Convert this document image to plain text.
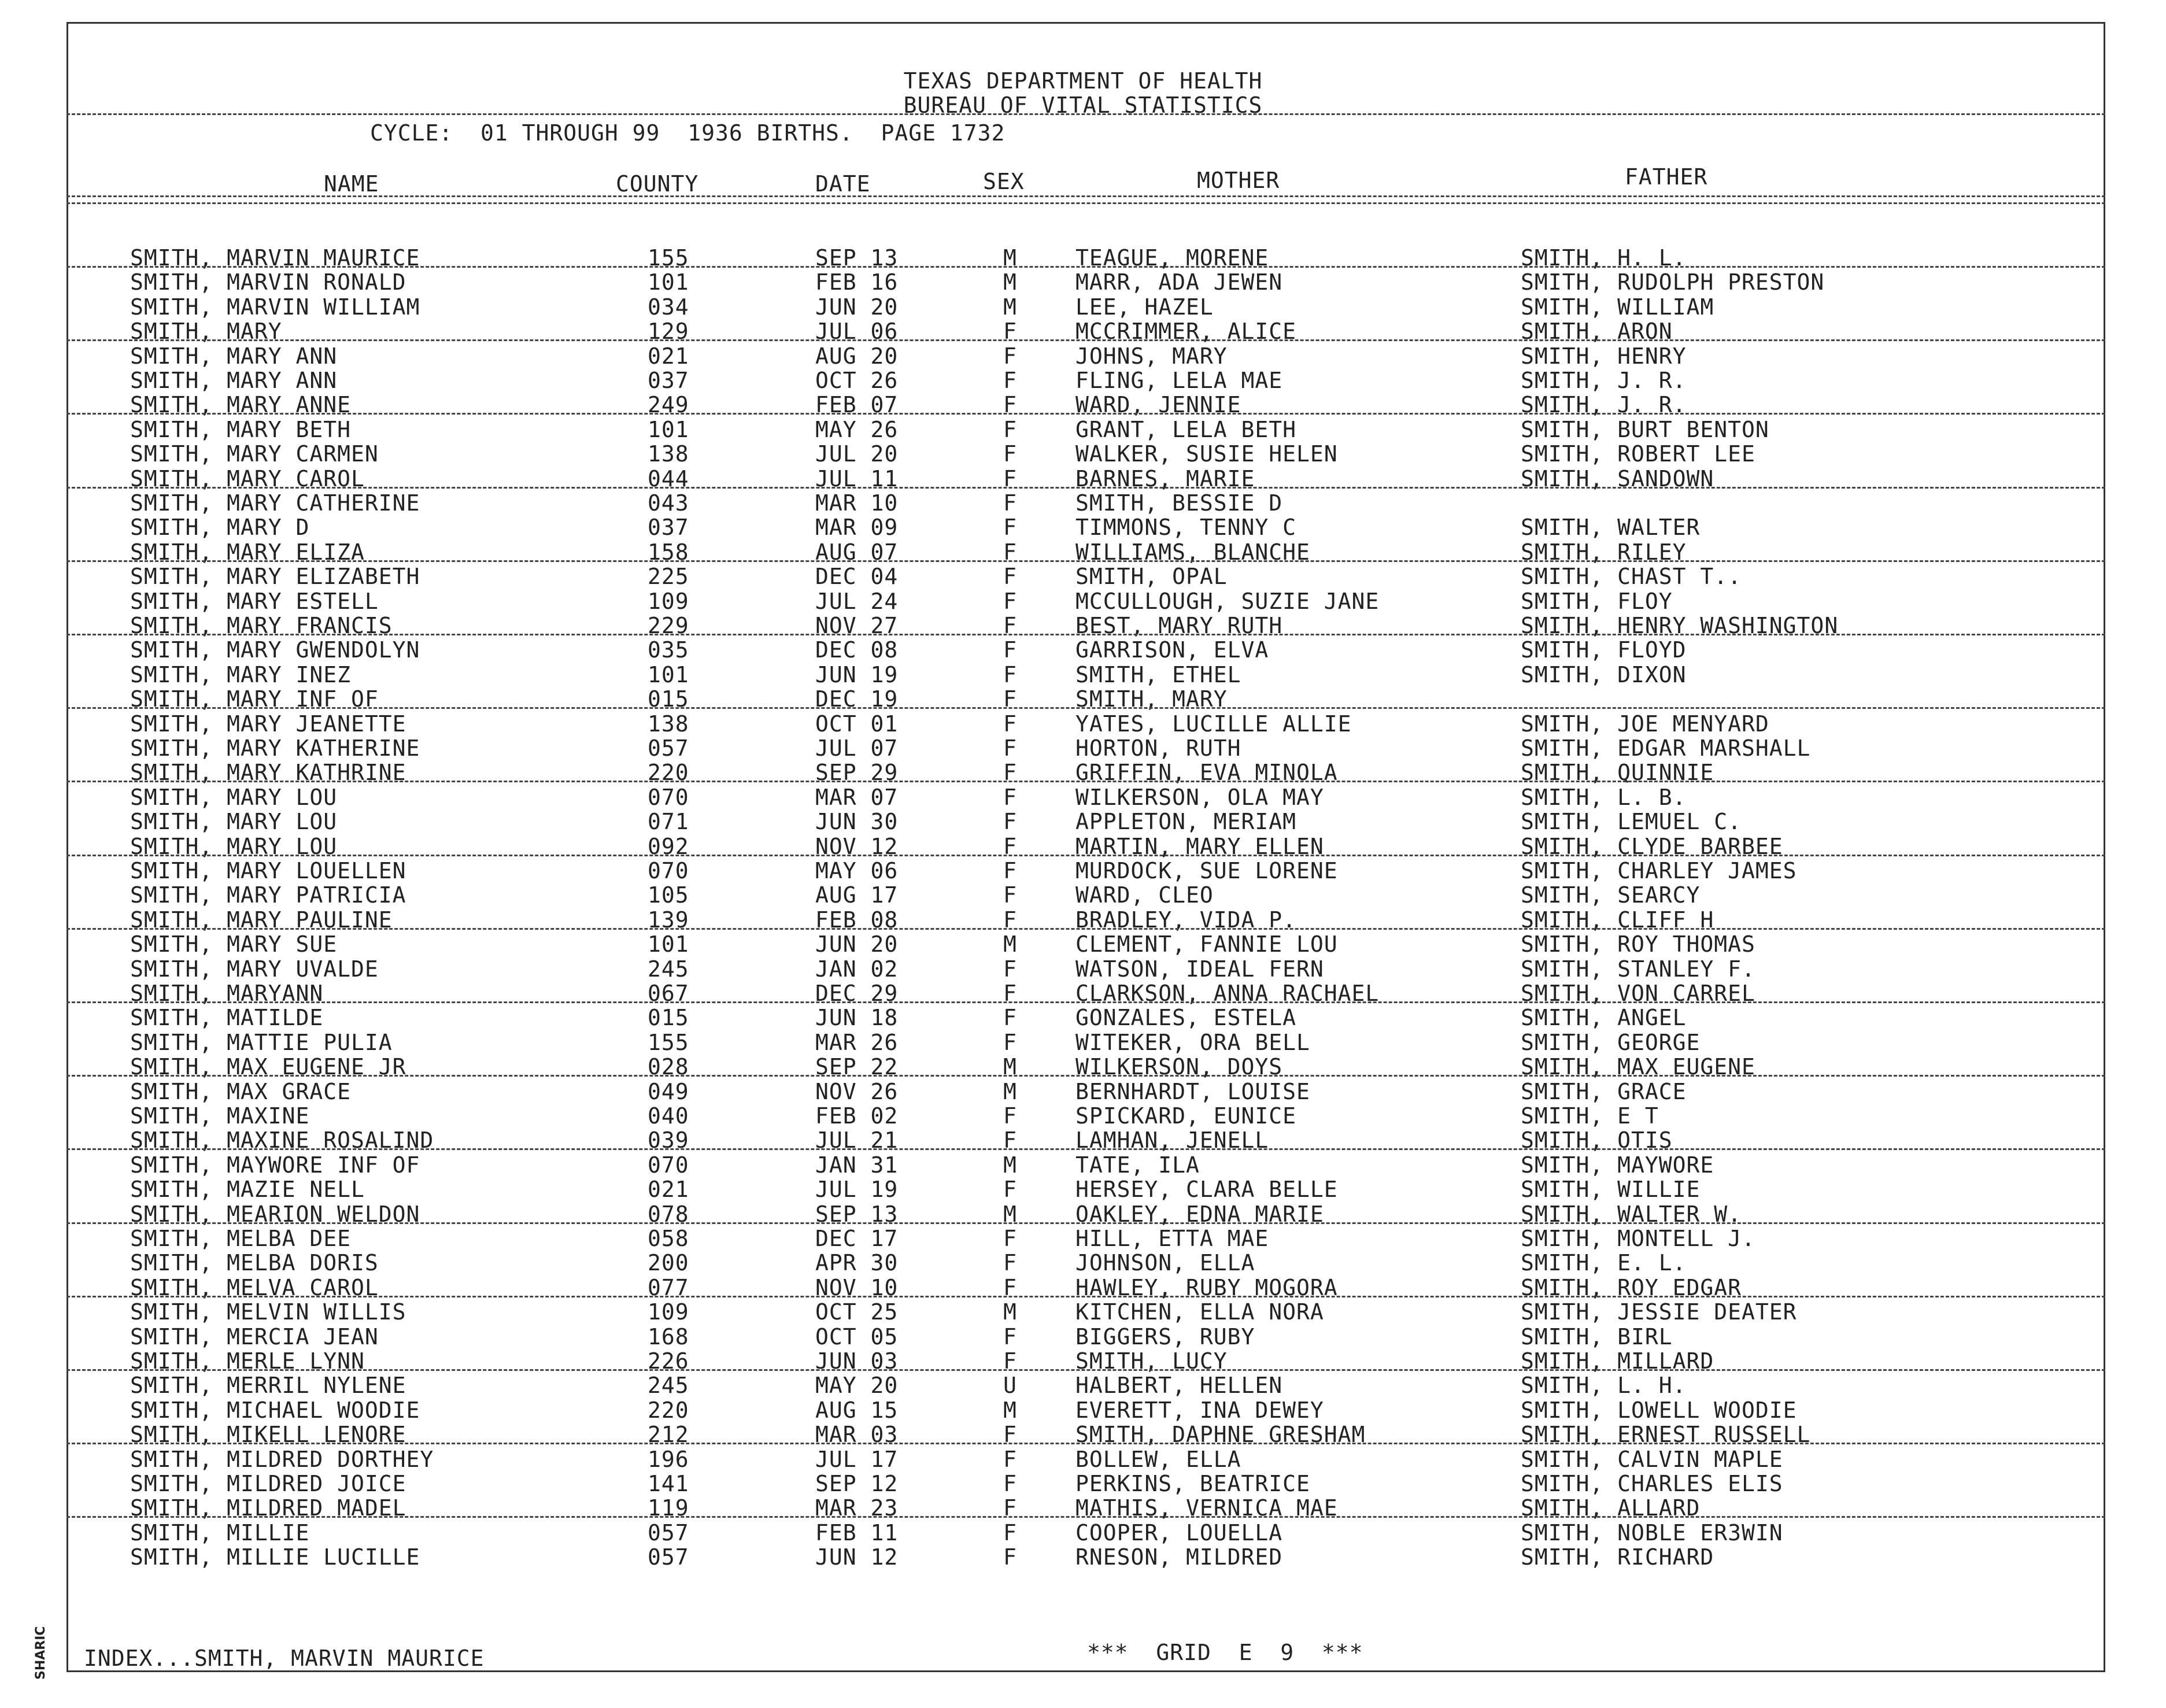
TEXAS DEPARTMENT OF HEALTH
BUREAU OF VITAL STATISTICS
CYCLE:  01 THROUGH 99  1936 BIRTHS.  PAGE 1732
NAME	COUNTY	DATE	SEX	MOTHER	FATHER
SMITH, MARVIN MAURICE	155	SEP 13	M	TEAGUE, MORENE	SMITH, H. L.
SMITH, MARVIN RONALD	101	FEB 16	M	MARR, ADA JEWEN	SMITH, RUDOLPH PRESTON
SMITH, MARVIN WILLIAM	034	JUN 20	M	LEE, HAZEL	SMITH, WILLIAM
SMITH, MARY	129	JUL 06	F	MCCRIMMER, ALICE	SMITH, ARON
SMITH, MARY ANN	021	AUG 20	F	JOHNS, MARY	SMITH, HENRY
SMITH, MARY ANN	037	OCT 26	F	FLING, LELA MAE	SMITH, J. R.
SMITH, MARY ANNE	249	FEB 07	F	WARD, JENNIE	SMITH, J. R.
SMITH, MARY BETH	101	MAY 26	F	GRANT, LELA BETH	SMITH, BURT BENTON
SMITH, MARY CARMEN	138	JUL 20	F	WALKER, SUSIE HELEN	SMITH, ROBERT LEE
SMITH, MARY CAROL	044	JUL 11	F	BARNES, MARIE	SMITH, SANDOWN
SMITH, MARY CATHERINE	043	MAR 10	F	SMITH, BESSIE D
SMITH, MARY D	037	MAR 09	F	TIMMONS, TENNY C	SMITH, WALTER
SMITH, MARY ELIZA	158	AUG 07	F	WILLIAMS, BLANCHE	SMITH, RILEY
SMITH, MARY ELIZABETH	225	DEC 04	F	SMITH, OPAL	SMITH, CHAST T..
SMITH, MARY ESTELL	109	JUL 24	F	MCCULLOUGH, SUZIE JANE	SMITH, FLOY
SMITH, MARY FRANCIS	229	NOV 27	F	BEST, MARY RUTH	SMITH, HENRY WASHINGTON
SMITH, MARY GWENDOLYN	035	DEC 08	F	GARRISON, ELVA	SMITH, FLOYD
SMITH, MARY INEZ	101	JUN 19	F	SMITH, ETHEL	SMITH, DIXON
SMITH, MARY INF OF	015	DEC 19	F	SMITH, MARY
SMITH, MARY JEANETTE	138	OCT 01	F	YATES, LUCILLE ALLIE	SMITH, JOE MENYARD
SMITH, MARY KATHERINE	057	JUL 07	F	HORTON, RUTH	SMITH, EDGAR MARSHALL
SMITH, MARY KATHRINE	220	SEP 29	F	GRIFFIN, EVA MINOLA	SMITH, QUINNIE
SMITH, MARY LOU	070	MAR 07	F	WILKERSON, OLA MAY	SMITH, L. B.
SMITH, MARY LOU	071	JUN 30	F	APPLETON, MERIAM	SMITH, LEMUEL C.
SMITH, MARY LOU	092	NOV 12	F	MARTIN, MARY ELLEN	SMITH, CLYDE BARBEE
SMITH, MARY LOUELLEN	070	MAY 06	F	MURDOCK, SUE LORENE	SMITH, CHARLEY JAMES
SMITH, MARY PATRICIA	105	AUG 17	F	WARD, CLEO	SMITH, SEARCY
SMITH, MARY PAULINE	139	FEB 08	F	BRADLEY, VIDA P.	SMITH, CLIFF H
SMITH, MARY SUE	101	JUN 20	M	CLEMENT, FANNIE LOU	SMITH, ROY THOMAS
SMITH, MARY UVALDE	245	JAN 02	F	WATSON, IDEAL FERN	SMITH, STANLEY F.
SMITH, MARYANN	067	DEC 29	F	CLARKSON, ANNA RACHAEL	SMITH, VON CARREL
SMITH, MATILDE	015	JUN 18	F	GONZALES, ESTELA	SMITH, ANGEL
SMITH, MATTIE PULIA	155	MAR 26	F	WITEKER, ORA BELL	SMITH, GEORGE
SMITH, MAX EUGENE JR	028	SEP 22	M	WILKERSON, DOYS	SMITH, MAX EUGENE
SMITH, MAX GRACE	049	NOV 26	M	BERNHARDT, LOUISE	SMITH, GRACE
SMITH, MAXINE	040	FEB 02	F	SPICKARD, EUNICE	SMITH, E T
SMITH, MAXINE ROSALIND	039	JUL 21	F	LAMHAN, JENELL	SMITH, OTIS
SMITH, MAYWORE INF OF	070	JAN 31	M	TATE, ILA	SMITH, MAYWORE
SMITH, MAZIE NELL	021	JUL 19	F	HERSEY, CLARA BELLE	SMITH, WILLIE
SMITH, MEARION WELDON	078	SEP 13	M	OAKLEY, EDNA MARIE	SMITH, WALTER W.
SMITH, MELBA DEE	058	DEC 17	F	HILL, ETTA MAE	SMITH, MONTELL J.
SMITH, MELBA DORIS	200	APR 30	F	JOHNSON, ELLA	SMITH, E. L.
SMITH, MELVA CAROL	077	NOV 10	F	HAWLEY, RUBY MOGORA	SMITH, ROY EDGAR
SMITH, MELVIN WILLIS	109	OCT 25	M	KITCHEN, ELLA NORA	SMITH, JESSIE DEATER
SMITH, MERCIA JEAN	168	OCT 05	F	BIGGERS, RUBY	SMITH, BIRL
SMITH, MERLE LYNN	226	JUN 03	F	SMITH, LUCY	SMITH, MILLARD
SMITH, MERRIL NYLENE	245	MAY 20	U	HALBERT, HELLEN	SMITH, L. H.
SMITH, MICHAEL WOODIE	220	AUG 15	M	EVERETT, INA DEWEY	SMITH, LOWELL WOODIE
SMITH, MIKELL LENORE	212	MAR 03	F	SMITH, DAPHNE GRESHAM	SMITH, ERNEST RUSSELL
SMITH, MILDRED DORTHEY	196	JUL 17	F	BOLLEW, ELLA	SMITH, CALVIN MAPLE
SMITH, MILDRED JOICE	141	SEP 12	F	PERKINS, BEATRICE	SMITH, CHARLES ELIS
SMITH, MILDRED MADEL	119	MAR 23	F	MATHIS, VERNICA MAE	SMITH, ALLARD
SMITH, MILLIE	057	FEB 11	F	COOPER, LOUELLA	SMITH, NOBLE ER3WIN
SMITH, MILLIE LUCILLE	057	JUN 12	F	RNESON, MILDRED	SMITH, RICHARD
INDEX...SMITH, MARVIN MAURICE	***  GRID  E  9  ***
SHARIC
